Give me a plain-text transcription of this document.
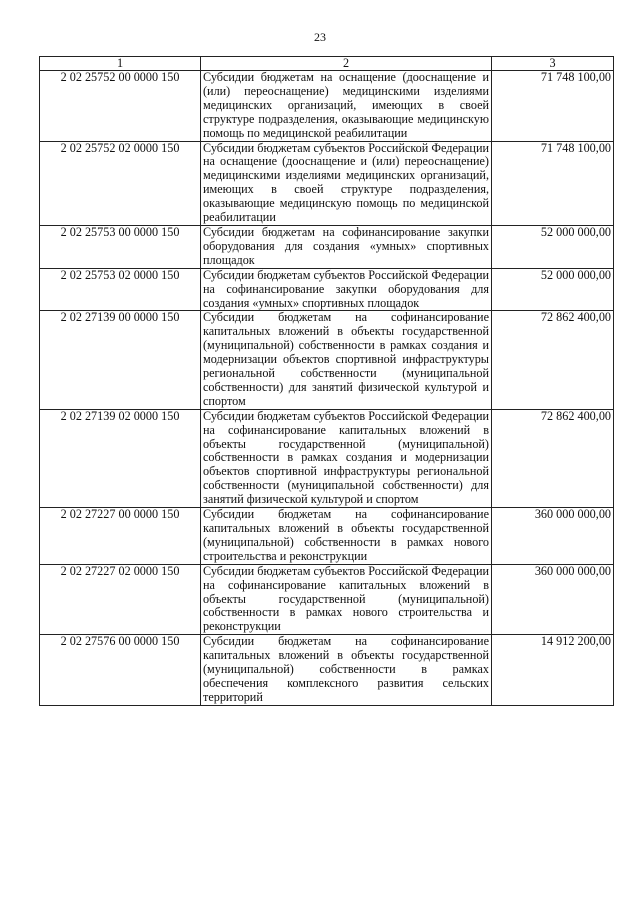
23
1	2	3
2 02 25752 00 0000 150	Субсидии бюджетам на оснащение (дооснащение и (или) переоснащение) медицинскими изделиями медицинских организаций, имеющих в своей структуре подразделения, оказывающие медицинскую помощь по медицинской реабилитации	71 748 100,00
2 02 25752 02 0000 150	Субсидии бюджетам субъектов Российской Федерации на оснащение (дооснащение и (или) переоснащение) медицинскими изделиями медицинских организаций, имеющих в своей структуре подразделения, оказывающие медицинскую помощь по медицинской реабилитации	71 748 100,00
2 02 25753 00 0000 150	Субсидии бюджетам на софинансирование закупки оборудования для создания «умных» спортивных площадок	52 000 000,00
2 02 25753 02 0000 150	Субсидии бюджетам субъектов Российской Федерации на софинансирование закупки оборудования для создания «умных» спортивных площадок	52 000 000,00
2 02 27139 00 0000 150	Субсидии бюджетам на софинансирование капитальных вложений в объекты государственной (муниципальной) собственности в рамках создания и модернизации объектов спортивной инфраструктуры региональной собственности (муниципальной собственности) для занятий физической культурой и спортом	72 862 400,00
2 02 27139 02 0000 150	Субсидии бюджетам субъектов Российской Федерации на софинансирование капитальных вложений в объекты государственной (муниципальной) собственности в рамках создания и модернизации объектов спортивной инфраструктуры региональной собственности (муниципальной собственности) для занятий физической культурой и спортом	72 862 400,00
2 02 27227 00 0000 150	Субсидии бюджетам на софинансирование капитальных вложений в объекты государственной (муниципальной) собственности в рамках нового строительства и реконструкции	360 000 000,00
2 02 27227 02 0000 150	Субсидии бюджетам субъектов Российской Федерации на софинансирование капитальных вложений в объекты государственной (муниципальной) собственности в рамках нового строительства и реконструкции	360 000 000,00
2 02 27576 00 0000 150	Субсидии бюджетам на софинансирование капитальных вложений в объекты государственной (муниципальной) собственности в рамках обеспечения комплексного развития сельских территорий	14 912 200,00
